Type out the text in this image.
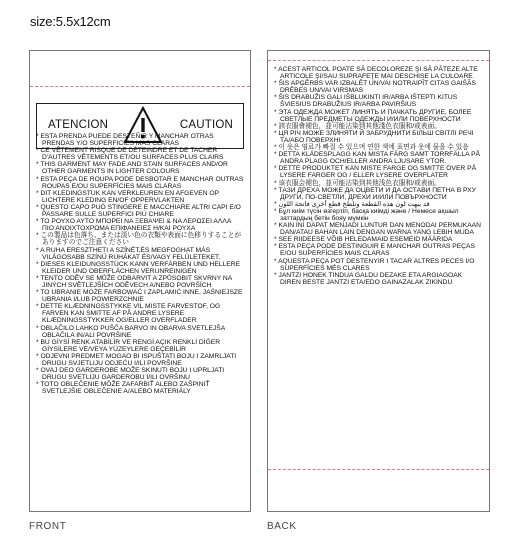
size:5.5x12cm
ATENCION	CAUTION
* ESTA PRENDA PUEDE DESTEÑIR Y MANCHAR OTRAS PRENDAS Y/O SUPERFICIES MAS CLARAS
* CE VÊTEMENT RISQUE DE DÉTEINDRE ET DE TACHER D'AUTRES VÊTEMENTS ET/OU SURFACES PLUS CLAIRS
* THIS GARMENT MAY FADE AND STAIN SURFACES AND/OR OTHER GARMENTS IN LIGHTER COLOURS
* ESTA PEÇA DE ROUPA PODE DESBOTAR E MANCHAR OUTRAS ROUPAS E/OU SUPERFÍCIES MAIS CLARAS
* DIT KLEDINGSTUK KAN VERKLEUREN EN AFGEVEN OP LICHTERE KLEDING EN/OF OPPERVLAKTEN
* QUESTO CAPO PUÒ STINGERE E MACCHIARE ALTRI CAPI E/O PASSARE SULLE SUPERFICI PIÙ CHIARE
* ΤΟ ΡΟΥΧΟ ΑΥΤΟ ΜΠΟΡΕΙ ΝΑ ΞΕΒΑΨΕΙ & ΝΑ ΛΕΡΩΣΕΙ ΑΛΛΑ ΠΙΟ ΑΝΟΙΧΤΟΧΡΩΜΑ ΕΠΙΦΑΝΕΙΕΣ Η/ΚΑΙ ΡΟΥΧΑ
* この製品は色落ち、または淡い色の衣類や表面に色移りすることがありますのでご注意ください
* A RUHA ERESZTHETI A SZÍNÉT,ÉS MEGFOGHAT MÁS VILÁGOSABB SZÍNŰ RUHÁKAT ÉS/VAGY FELÜLETEKET.
* DIESES KLEIDUNGSSTÜCK KANN VERFÄRBEN UND HELLERE KLEIDER UND OBERFLÄCHEN VERUNREINIGEN
* TENTO ODĚV SE MŮŽE ODBARVIT A ZPŮSOBIT SKVRNY NA JINÝCH SVĚTLEJŠÍCH ODĚVECH A/NEBO POVRŠÍCH
* TO UBRANIE MOŻE FARBOWAĆ I ZAPLAMIĆ INNE, JAŚNIEJSZE UBRANIA I/LUB POWIERZCHNIE
* DETTE KLÆDNINGSSTYKKE VIL MISTE FARVESTOF, OG FARVEN KAN SMITTE AF PÅ ANDRE LYSERE KLÆDNINGSSTYKKER OG/ELLER OVERFLADER
* OBLAČILO LAHKO PUŠČA BARVO IN OBARVA SVETLEJŠA OBLAČILA IN/ALI POVRŠINE
* BU GİYSİ RENK ATABİLİR VE RENGİ AÇIK RENKLİ DİĞER GİYSİLERE VE/VEYA YÜZEYLERE GEÇEBİLİR
* ODJEVNI PREDMET MOGAO BI ISPUŠTATI BOJU I ZAMRLJATI DRUGU SVJETLIJU ODJEĆU I/ILI POVRŠINE
* OVAJ DEO GARDEROBE MOŽE SKINUTI BOJU I UPRLJATI DRUGU SVETLIJU GARDEROBU I/ILI OVRŠINU
* TOTO OBLEČENIE MÔŽE ZAFARBIŤ ALEBO ZAŠPINIŤ SVETLEJŠIE OBLEČENIE A/ALEBO MATERIÁLY
* ACEST ARTICOL POATE SĂ DECOLOREZE ŞI SĂ PĂTEZE ALTE ARTICOLE ŞI/SAU SUPRAFEŢE MAI DESCHISE LA CULOARE
* ŠIS APĢĒRBS VAR IZBALĒT UN/VAI NOTRAIPĪT CITAS GAIŠĀS DRĒBES UN/VAI VIRSMAS
* ŠIS DRABUŽIS GALI IŠBLUKINTI IR/ARBA IŠTEPTI KITUS ŠVIESIUS DRABUŽIUS IR/ARBA PAVIRŠIUS
* ЭТА ОДЕЖДА МОЖЕТ ЛИНЯТЬ И ПАЧКАТЬ ДРУГИЕ, БОЛЕЕ СВЕТЛЫЕ ПРЕДМЕТЫ ОДЕЖДЫ И/ИЛИ ПОВЕРХНОСТИ
* 該衣服會褪色，並可能沾染到其他淺色衣服和/或表面。
* ЦЯ РІЧ МОЖЕ ЗЛИНЯТИ Й ЗАБРУДНИТИ БІЛЬШ СВІТЛІ РЕЧІ ТА/АБО ПОВЕРХНІ
* 이 옷은 염료가 빠질 수 있으며 연한 색에 표면과 옷에 물을 수 있음
* DETTA KLÄDESPLAGG KAN MISTA FÄRG SAMT TORRFÄLLA PÅ ANDRA PLAGG OCH/ELLER ANDRA LJUSARE YTOR.
* DETTE PRODUKTET KAN MISTE FARGE OG SMITTE OVER PÅ LYSERE FARGER OG / ELLER LYSERE OVERFLATER
* 该衣服会褪色，並可能沾染到其他浅色衣服和/或表面。
* ТАЗИ ДРЕХА МОЖЕ ДА ОЦВЕТИ И ДА ОСТАВИ ПЕТНА В РХУ ДРУГИ, ПО-СВЕТЛИ, ДРЕХИ И/ИЛИ ПОВЪРХНОСТИ
* قد يبهت لون هذه القطعة وتلطخ قطع أخرى فاتحة اللون
* Бұл киім түсін өзгертіп, басқа киімді және / Немесе ақшыл заттардың бетін бояу мүмкін
* KAIN INI DAPAT MENJADI LUNTUR DAN MENODAI PERMUKAAN DAN/ATAU BAHAN LAIN DENGAN WARNA YANG LEBIH MUDA
* SEE RIIDEESE VÕIB HELEDAMAID ESEMEID MÄÄRIDA
* ESTA PEÇA PODE DESTINGUIR E MANCHAR OUTRAS PEÇAS E/OU SUPERFÍCIES MAIS CLARAS
* AQUESTA PEÇA POT DESTENYIR I TACAR ALTRES PECES I/O SUPERFÍCIES MÉS CLARES
* JANTZI HONEK TINDUA GALDU DEZAKE ETA ARGIAGOAK DIREN BESTE JANTZI ETA/EDO GAINAZALAK ZIKINDU
FRONT	BACK
